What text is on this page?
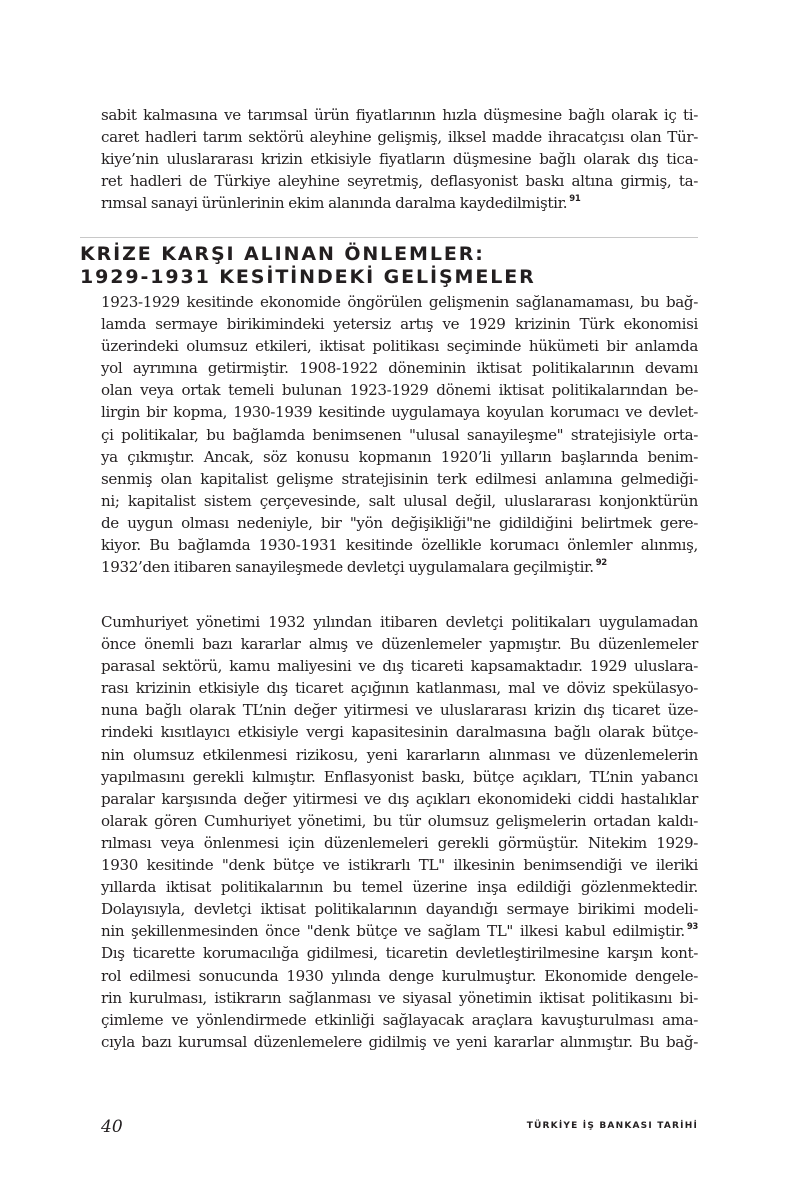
sabit kalmasına ve tarımsal ürün fiyatlarının hızla düşmesine bağlı olarak iç ti-
caret hadleri tarım sektörü aleyhine gelişmiş, ilksel madde ihracatçısı olan Tür-
kiye’nin uluslararası krizin etkisiyle fiyatların düşmesine bağlı olarak dış tica-
ret hadleri de Türkiye aleyhine seyretmiş, deflasyonist baskı altına girmiş, ta-
rımsal sanayi ürünlerinin ekim alanında daralma kaydedilmiştir. $^{91}$
KRİZE KARŞI ALINAN ÖNLEMLER:
1929-1931 KESİTİNDEKİ GELİŞMELER
1923-1929 kesitinde ekonomide öngörülen gelişmenin sağlanamaması, bu bağ-
lamda sermaye birikimindeki yetersiz artış ve 1929 krizinin Türk ekonomisi
üzerindeki olumsuz etkileri, iktisat politikası seçiminde hükümeti bir anlamda
yol ayrımına getirmiştir. 1908-1922 döneminin iktisat politikalarının devamı
olan veya ortak temeli bulunan 1923-1929 dönemi iktisat politikalarından be-
lirgin bir kopma, 1930-1939 kesitinde uygulamaya koyulan korumacı ve devlet-
çi politikalar, bu bağlamda benimsenen "ulusal sanayileşme" stratejisiyle orta-
ya çıkmıştır. Ancak, söz konusu kopmanın 1920’li yılların başlarında benim-
senmiş olan kapitalist gelişme stratejisinin terk edilmesi anlamına gelmediği-
ni; kapitalist sistem çerçevesinde, salt ulusal değil, uluslararası konjonktürün
de uygun olması nedeniyle, bir "yön değişikliği"ne gidildiğini belirtmek gere-
kiyor. Bu bağlamda 1930-1931 kesitinde özellikle korumacı önlemler alınmış,
1932’den itibaren sanayileşmede devletçi uygulamalara geçilmiştir. $^{92}$
Cumhuriyet yönetimi 1932 yılından itibaren devletçi politikaları uygulamadan
önce önemli bazı kararlar almış ve düzenlemeler yapmıştır. Bu düzenlemeler
parasal sektörü, kamu maliyesini ve dış ticareti kapsamaktadır. 1929 uluslara-
rası krizinin etkisiyle dış ticaret açığının katlanması, mal ve döviz spekülasyo-
nuna bağlı olarak TL’nin değer yitirmesi ve uluslararası krizin dış ticaret üze-
rindeki kısıtlayıcı etkisiyle vergi kapasitesinin daralmasına bağlı olarak bütçe-
nin olumsuz etkilenmesi rizikosu, yeni kararların alınması ve düzenlemelerin
yapılmasını gerekli kılmıştır. Enflasyonist baskı, bütçe açıkları, TL’nin yabancı
paralar karşısında değer yitirmesi ve dış açıkları ekonomideki ciddi hastalıklar
olarak gören Cumhuriyet yönetimi, bu tür olumsuz gelişmelerin ortadan kaldı-
rılması veya önlenmesi için düzenlemeleri gerekli görmüştür. Nitekim 1929-
1930 kesitinde "denk bütçe ve istikrarlı TL" ilkesinin benimsendiği ve ileriki
yıllarda iktisat politikalarının bu temel üzerine inşa edildiği gözlenmektedir.
Dolayısıyla, devletçi iktisat politikalarının dayandığı sermaye birikimi modeli-
nin şekillenmesinden önce "denk bütçe ve sağlam TL" ilkesi kabul edilmiştir. $^{93}$
Dış ticarette korumacılığa gidilmesi, ticaretin devletleştirilmesine karşın kont-
rol edilmesi sonucunda 1930 yılında denge kurulmuştur. Ekonomide dengele-
rin kurulması, istikrarın sağlanması ve siyasal yönetimin iktisat politikasını bi-
çimleme ve yönlendirmede etkinliği sağlayacak araçlara kavuşturulması ama-
cıyla bazı kurumsal düzenlemelere gidilmiş ve yeni kararlar alınmıştır. Bu bağ-
40	TÜRKİYE İŞ BANKASI TARİHİ
